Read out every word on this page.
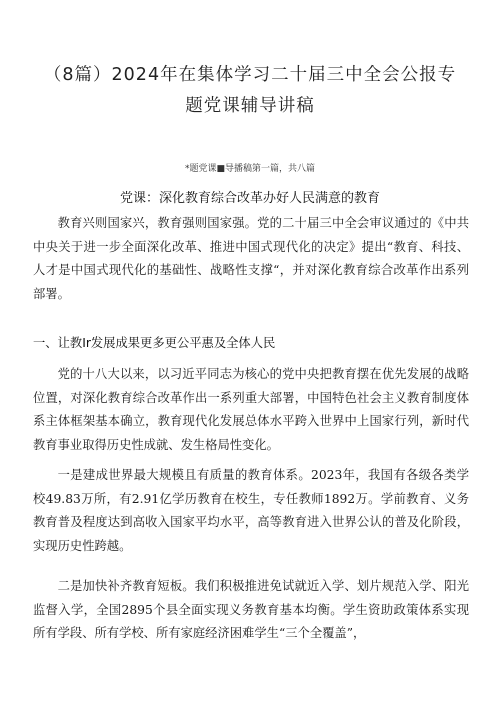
（8篇）2024年在集体学习二十届三中全会公报专题党课辅导讲稿
*题党课■导播稿第一篇，共八篇
党课：深化教育综合改革办好人民满意的教育
教育兴则国家兴，教育强则国家强。党的二十届三中全会审议通过的《中共中央关于进一步全面深化改革、推进中国式现代化的决定》提出“教育、科技、人才是中国式现代化的基础性、战略性支撑“，并对深化教育综合改革作出系列部署。
一、让教Ir发展成果更多更公平惠及全体人民
党的十八大以来，以习近平同志为核心的党中央把教育摆在优先发展的战略位置，对深化教育综合改革作出一系列重大部署，中国特色社会主义教育制度体系主体框架基本确立，教育现代化发展总体水平跨入世界中上国家行列，新时代教育事业取得历史性成就、发生格局性变化。
一是建成世界最大规模且有质量的教育体系。2023年，我国有各级各类学校49.83万所，有2.91亿学历教育在校生，专任教师1892万。学前教育、义务教育普及程度达到高收入国家平均水平，高等教育进入世界公认的普及化阶段，实现历史性跨越。
二是加快补齐教育短板。我们积极推进免试就近入学、划片规范入学、阳光监督入学，全国2895个县全面实现义务教育基本均衡。学生资助政策体系实现所有学段、所有学校、所有家庭经济困难学生“三个全覆盖”，
